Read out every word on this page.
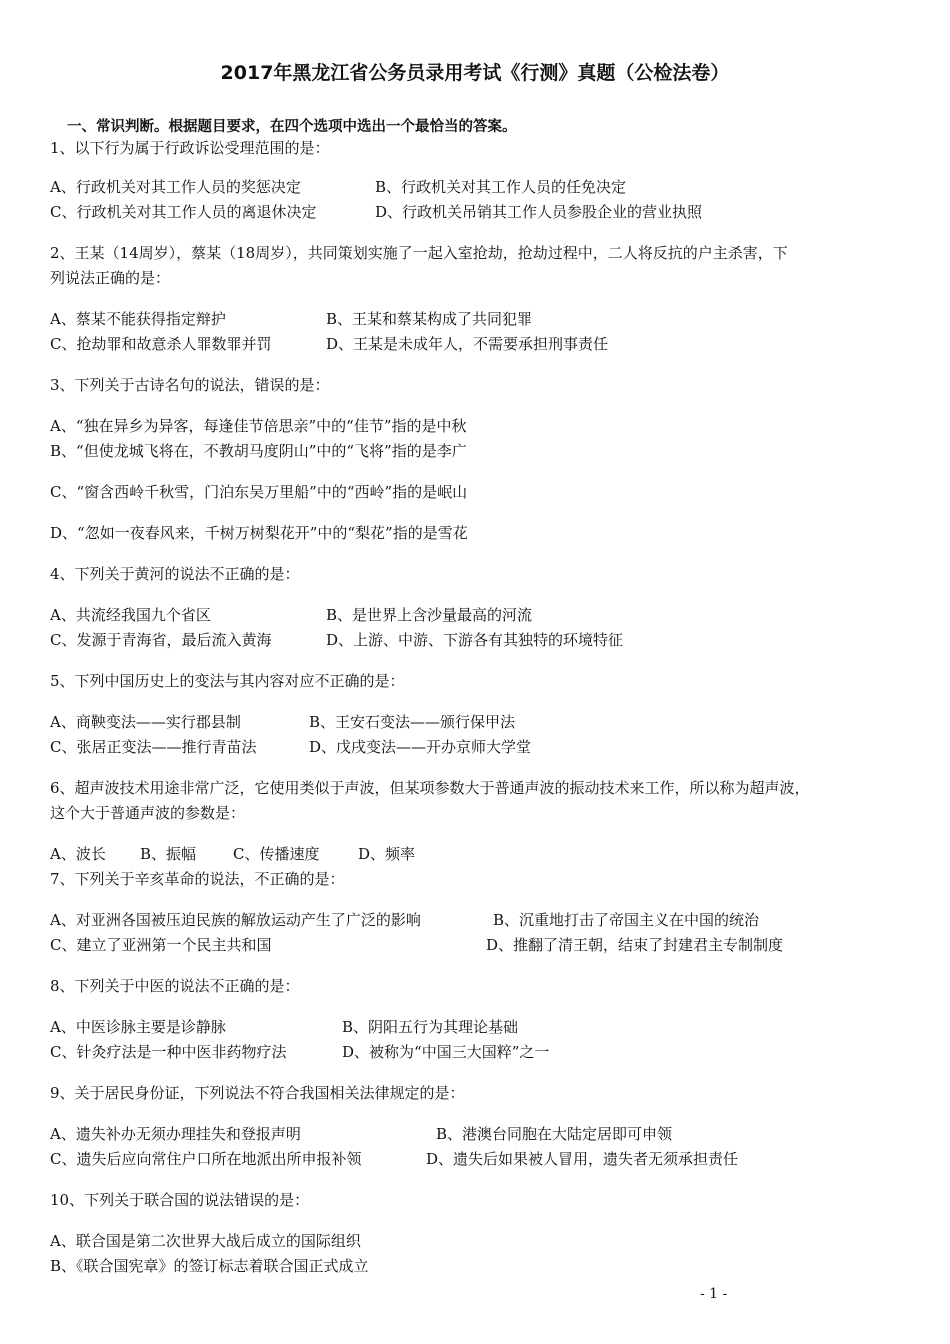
2017年黑龙江省公务员录用考试《行测》真题（公检法卷）
一、常识判断。根据题目要求，在四个选项中选出一个最恰当的答案。
1、以下行为属于行政诉讼受理范围的是：
A、行政机关对其工作人员的奖惩决定	B、行政机关对其工作人员的任免决定
C、行政机关对其工作人员的离退休决定	D、行政机关吊销其工作人员参股企业的营业执照
2、王某（14周岁），蔡某（18周岁），共同策划实施了一起入室抢劫，抢劫过程中，二人将反抗的户主杀害，下
列说法正确的是：
A、蔡某不能获得指定辩护	B、王某和蔡某构成了共同犯罪
C、抢劫罪和故意杀人罪数罪并罚	D、王某是未成年人，不需要承担刑事责任
3、下列关于古诗名句的说法，错误的是：
A、“独在异乡为异客，每逢佳节倍思亲”中的“佳节”指的是中秋
B、“但使龙城飞将在，不教胡马度阴山”中的“飞将”指的是李广
C、“窗含西岭千秋雪，门泊东吴万里船”中的“西岭”指的是岷山
D、“忽如一夜春风来，千树万树梨花开”中的“梨花”指的是雪花
4、下列关于黄河的说法不正确的是：
A、共流经我国九个省区	B、是世界上含沙量最高的河流
C、发源于青海省，最后流入黄海	D、上游、中游、下游各有其独特的环境特征
5、下列中国历史上的变法与其内容对应不正确的是：
A、商鞅变法——实行郡县制	B、王安石变法——颁行保甲法
C、张居正变法——推行青苗法	D、戊戌变法——开办京师大学堂
6、超声波技术用途非常广泛，它使用类似于声波，但某项参数大于普通声波的振动技术来工作，所以称为超声波，
这个大于普通声波的参数是：
A、波长 B、振幅 C、传播速度	D、频率
7、下列关于辛亥革命的说法，不正确的是：
A、对亚洲各国被压迫民族的解放运动产生了广泛的影响	B、沉重地打击了帝国主义在中国的统治
C、建立了亚洲第一个民主共和国	D、推翻了清王朝，结束了封建君主专制制度
8、下列关于中医的说法不正确的是：
A、中医诊脉主要是诊静脉	B、阴阳五行为其理论基础
C、针灸疗法是一种中医非药物疗法	D、被称为“中国三大国粹”之一
9、关于居民身份证，下列说法不符合我国相关法律规定的是：
A、遗失补办无须办理挂失和登报声明	B、港澳台同胞在大陆定居即可申领
C、遗失后应向常住户口所在地派出所申报补领	D、遗失后如果被人冒用，遗失者无须承担责任
10、下列关于联合国的说法错误的是：
A、联合国是第二次世界大战后成立的国际组织
B、《联合国宪章》的签订标志着联合国正式成立
- 1 -
